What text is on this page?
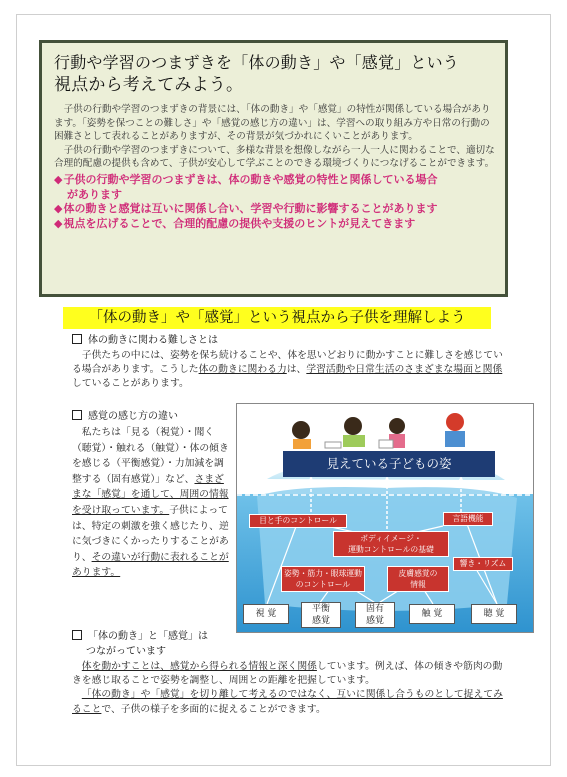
行動や学習のつまずきを「体の動き」や「感覚」という
視点から考えてみよう。
子供の行動や学習のつまずきの背景には、「体の動き」や「感覚」の特性が関係している場合があります。「姿勢を保つことの難しさ」や「感覚の感じ方の違い」は、学習への取り組み方や日常の行動の困難さとして表れることがありますが、その背景が気づかれにくいことがあります。
子供の行動や学習のつまずきについて、多様な背景を想像しながら一人一人に関わることで、適切な合理的配慮の提供も含めて、子供が安心して学ぶことのできる環境づくりにつなげることができます。
◆子供の行動や学習のつまずきは、体の動きや感覚の特性と関係している場合
があります
◆体の動きと感覚は互いに関係し合い、学習や行動に影響することがあります
◆視点を広げることで、合理的配慮の提供や支援のヒントが見えてきます
「体の動き」や「感覚」という視点から子供を理解しよう
体の動きに関わる難しさとは
子供たちの中には、姿勢を保ち続けることや、体を思いどおりに動かすことに難しさを感じている場合があります。こうした体の動きに関わる力は、学習活動や日常生活のさまざまな場面と関係していることがあります。
感覚の感じ方の違い
私たちは「見る（視覚）・聞く（聴覚）・触れる（触覚）・体の傾きを感じる（平衡感覚）・力加減を調整する（固有感覚）」など、さまざまな「感覚」を通して、周囲の情報を受け取っています。子供によっては、特定の刺激を強く感じたり、逆に気づきにくかったりすることがあり、その違いが行動に表れることがあります。
見えている子どもの姿
目と手のコントロール	言語機能
ボディイメージ・
運動コントロールの基礎
響き・リズム
姿勢・筋力・眼球運動
のコントロール
皮膚感覚の
情報
視 覚	平衡
感覚
固有
感覚
触 覚	聴 覚
「体の動き」と「感覚」は
つながっています
体を動かすことは、感覚から得られる情報と深く関係しています。例えば、体の傾きや筋肉の動きを感じ取ることで姿勢を調整し、周囲との距離を把握しています。
「体の動き」や「感覚」を切り離して考えるのではなく、互いに関係し合うものとして捉えてみることで、子供の様子を多面的に捉えることができます。
